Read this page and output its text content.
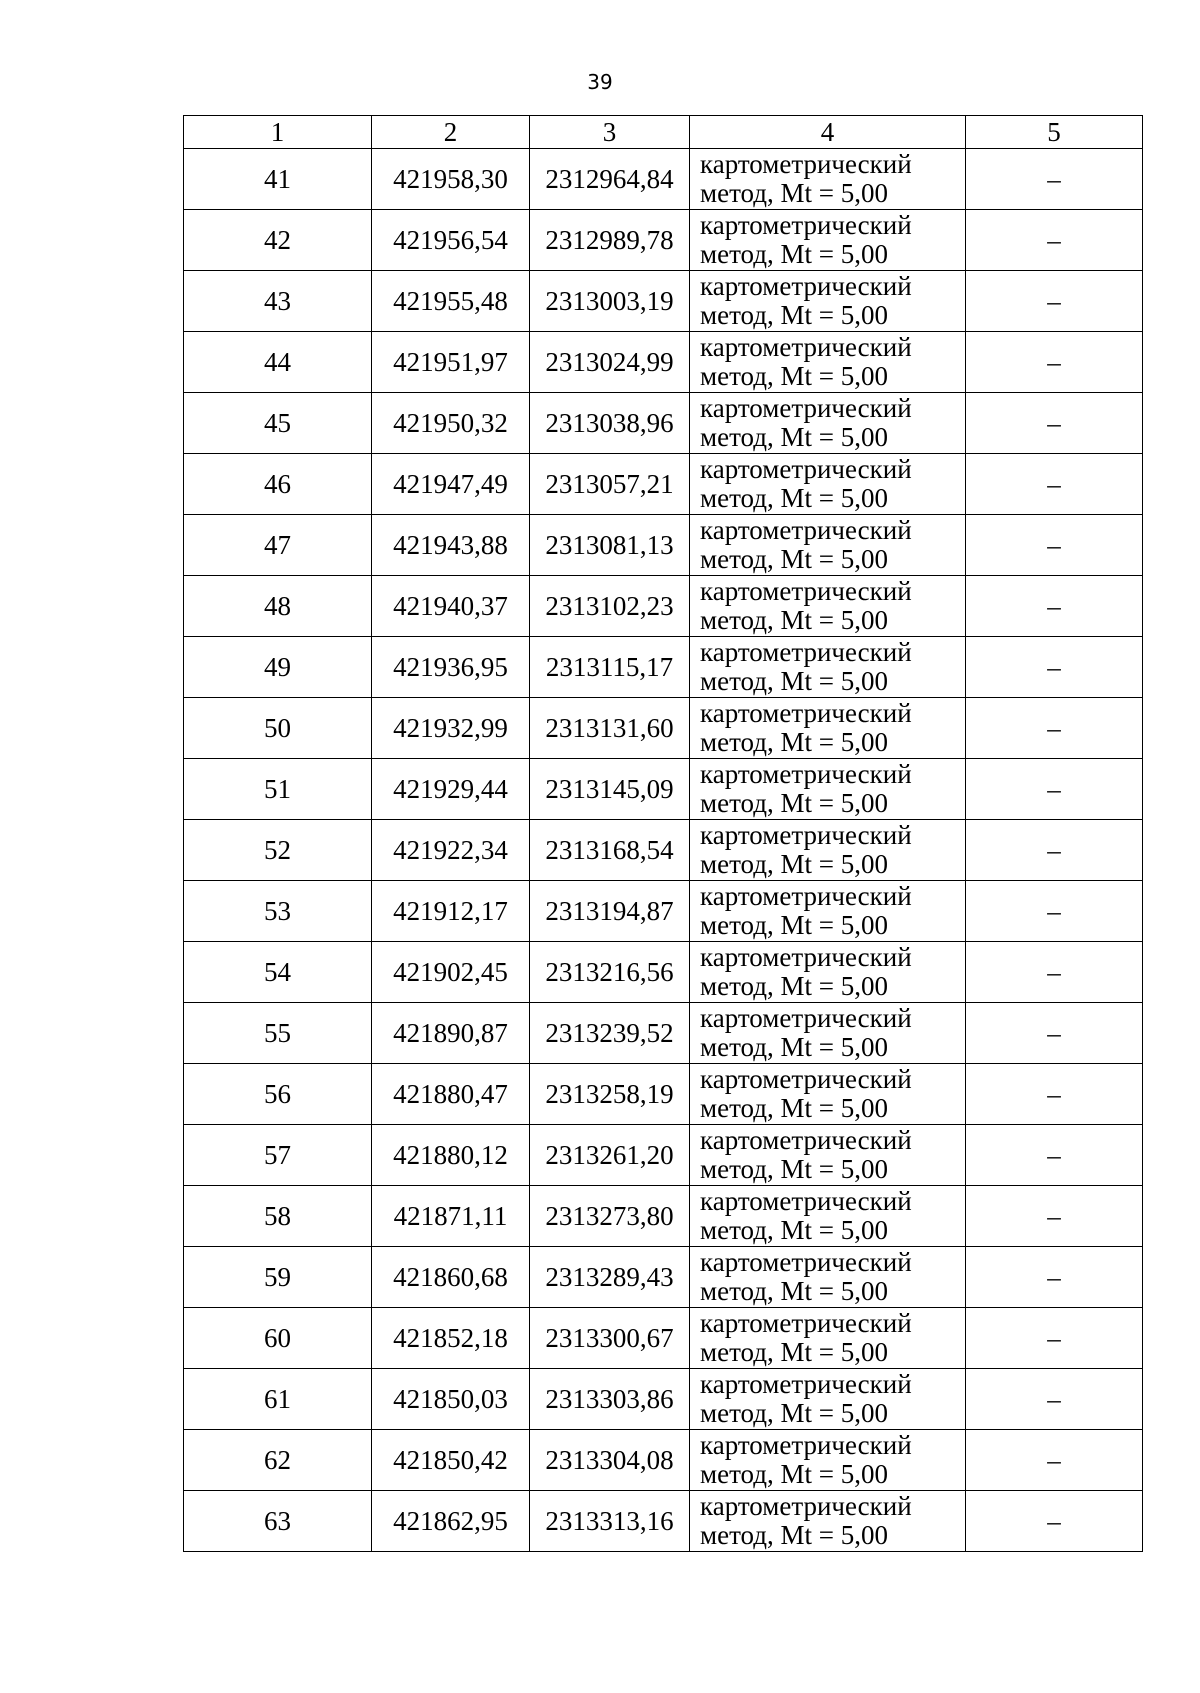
39
1	2	3	4	5
41	421958,30	2312964,84	картометрический
метод, Mt = 5,00	–
42	421956,54	2312989,78	картометрический
метод, Mt = 5,00	–
43	421955,48	2313003,19	картометрический
метод, Mt = 5,00	–
44	421951,97	2313024,99	картометрический
метод, Mt = 5,00	–
45	421950,32	2313038,96	картометрический
метод, Mt = 5,00	–
46	421947,49	2313057,21	картометрический
метод, Mt = 5,00	–
47	421943,88	2313081,13	картометрический
метод, Mt = 5,00	–
48	421940,37	2313102,23	картометрический
метод, Mt = 5,00	–
49	421936,95	2313115,17	картометрический
метод, Mt = 5,00	–
50	421932,99	2313131,60	картометрический
метод, Mt = 5,00	–
51	421929,44	2313145,09	картометрический
метод, Mt = 5,00	–
52	421922,34	2313168,54	картометрический
метод, Mt = 5,00	–
53	421912,17	2313194,87	картометрический
метод, Mt = 5,00	–
54	421902,45	2313216,56	картометрический
метод, Mt = 5,00	–
55	421890,87	2313239,52	картометрический
метод, Mt = 5,00	–
56	421880,47	2313258,19	картометрический
метод, Mt = 5,00	–
57	421880,12	2313261,20	картометрический
метод, Mt = 5,00	–
58	421871,11	2313273,80	картометрический
метод, Mt = 5,00	–
59	421860,68	2313289,43	картометрический
метод, Mt = 5,00	–
60	421852,18	2313300,67	картометрический
метод, Mt = 5,00	–
61	421850,03	2313303,86	картометрический
метод, Mt = 5,00	–
62	421850,42	2313304,08	картометрический
метод, Mt = 5,00	–
63	421862,95	2313313,16	картометрический
метод, Mt = 5,00	–
